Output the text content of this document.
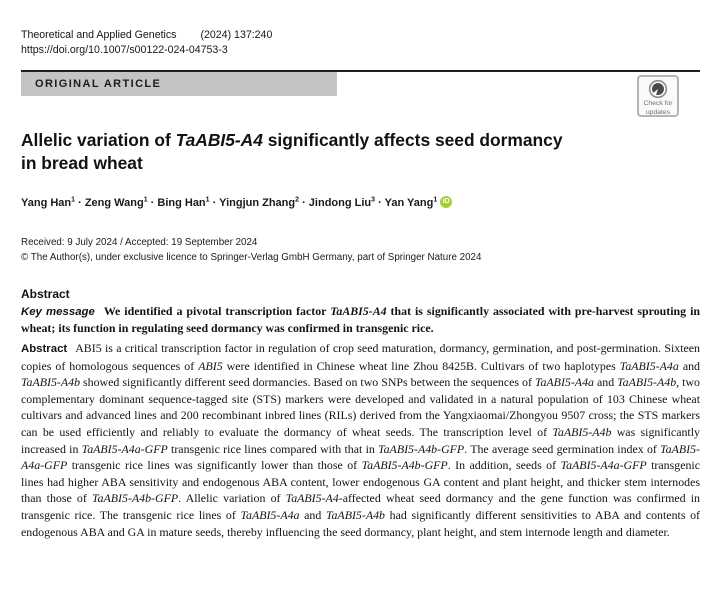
Theoretical and Applied Genetics (2024) 137:240
https://doi.org/10.1007/s00122-024-04753-3
ORIGINAL ARTICLE
Check for
updates
Allelic variation of TaABI5-A4 significantly affects seed dormancy
in bread wheat
Yang Han$^1$ · Zeng Wang$^1$ · Bing Han$^1$ · Yingjun Zhang$^2$ · Jindong Liu$^3$ · Yan Yang$^1$ iD
Received: 9 July 2024 / Accepted: 19 September 2024
© The Author(s), under exclusive licence to Springer-Verlag GmbH Germany, part of Springer Nature 2024
Abstract

Key message We identified a pivotal transcription factor TaABI5-A4 that is significantly associated with pre-harvest sprouting in wheat; its function in regulating seed dormancy was confirmed in transgenic rice.

Abstract ABI5 is a critical transcription factor in regulation of crop seed maturation, dormancy, germination, and post-germination. Sixteen copies of homologous sequences of ABI5 were identified in Chinese wheat line Zhou 8425B. Cultivars of two haplotypes TaABI5-A4a and TaABI5-A4b showed significantly different seed dormancies. Based on two SNPs between the sequences of TaABI5-A4a and TaABI5-A4b, two complementary dominant sequence-tagged site (STS) markers were developed and validated in a natural population of 103 Chinese wheat cultivars and advanced lines and 200 recombinant inbred lines (RILs) derived from the Yangxiaomai/Zhongyou 9507 cross; the STS markers can be used efficiently and reliably to evaluate the dormancy of wheat seeds. The transcription level of TaABI5-A4b was significantly increased in TaABI5-A4a-GFP transgenic rice lines compared with that in TaABI5-A4b-GFP. The average seed germination index of TaABI5-A4a-GFP transgenic rice lines was significantly lower than those of TaABI5-A4b-GFP. In addition, seeds of TaABI5-A4a-GFP transgenic lines had higher ABA sensitivity and endogenous ABA content, lower endogenous GA content and plant height, and thicker stem internodes than those of TaABI5-A4b-GFP. Allelic variation of TaABI5-A4-affected wheat seed dormancy and the gene function was confirmed in transgenic rice. The transgenic rice lines of TaABI5-A4a and TaABI5-A4b had significantly different sensitivities to ABA and contents of endogenous ABA and GA in mature seeds, thereby influencing the seed dormancy, plant height, and stem internode length and diameter.
